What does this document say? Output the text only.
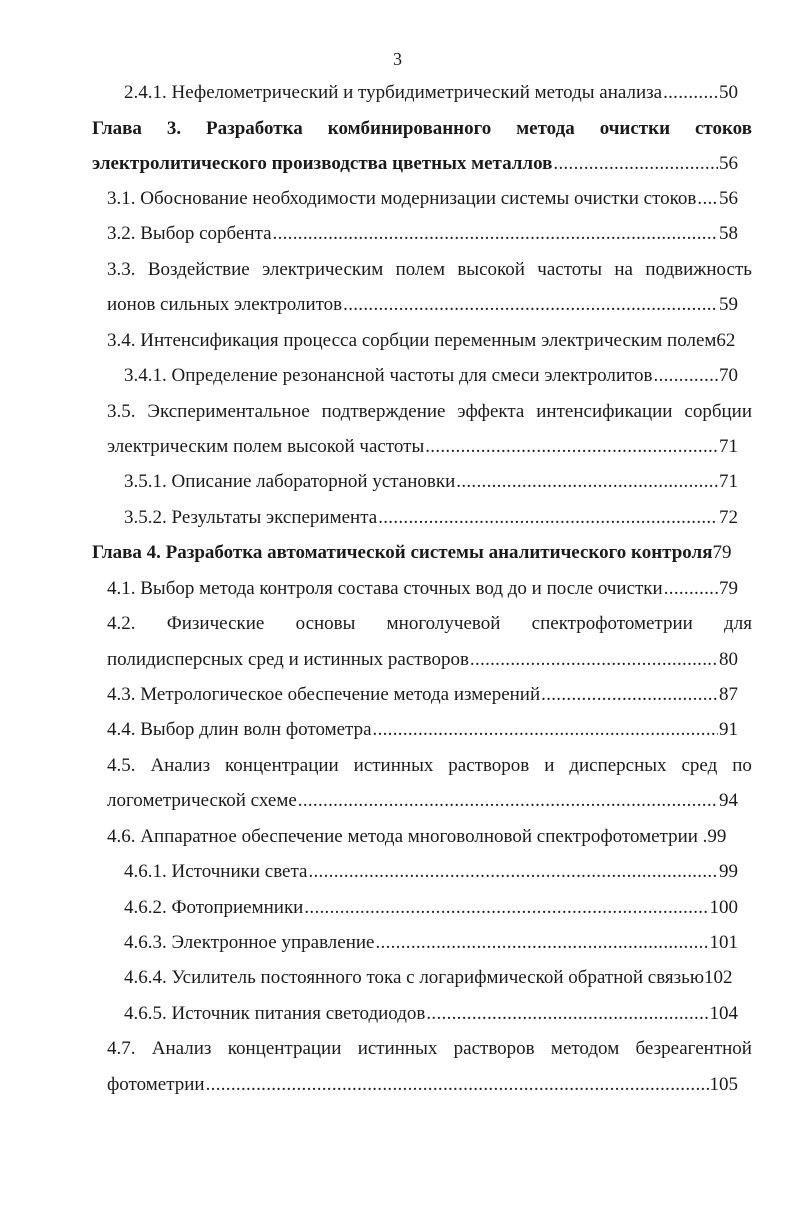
3
2.4.1. Нефелометрический и турбидиметрический методы анализа .....	50
Глава 3. Разработка комбинированного метода очистки стоков
электролитического производства цветных металлов .....	56
3.1. Обоснование необходимости модернизации системы очистки стоков ..... 56
3.2. Выбор сорбента .....	58
3.3. Воздействие электрическим полем высокой частоты на подвижность
ионов сильных электролитов .....	59
3.4. Интенсификация процесса сорбции переменным электрическим полем 62
3.4.1. Определение резонансной частоты для смеси электролитов .....	70
3.5. Экспериментальное подтверждение эффекта интенсификации сорбции
электрическим полем высокой частоты .....	71
3.5.1. Описание лабораторной установки .....	71
3.5.2. Результаты эксперимента .....	72
Глава 4. Разработка автоматической системы аналитического контроля 79
4.1. Выбор метода контроля состава сточных вод до и после очистки .....	79
4.2. Физические основы многолучевой спектрофотометрии для
полидисперсных сред и истинных растворов .....	80
4.3. Метрологическое обеспечение метода измерений .....	87
4.4. Выбор длин волн фотометра .....	91
4.5. Анализ концентрации истинных растворов и дисперсных сред по
логометрической схеме .....	94
4.6. Аппаратное обеспечение метода многоволновой спектрофотометрии . 99
4.6.1. Источники света .....	99
4.6.2. Фотоприемники .....	100
4.6.3. Электронное управление .....	101
4.6.4. Усилитель постоянного тока с логарифмической обратной связью 102
4.6.5. Источник питания светодиодов .....	104
4.7. Анализ концентрации истинных растворов методом безреагентной
фотометрии .....	105
